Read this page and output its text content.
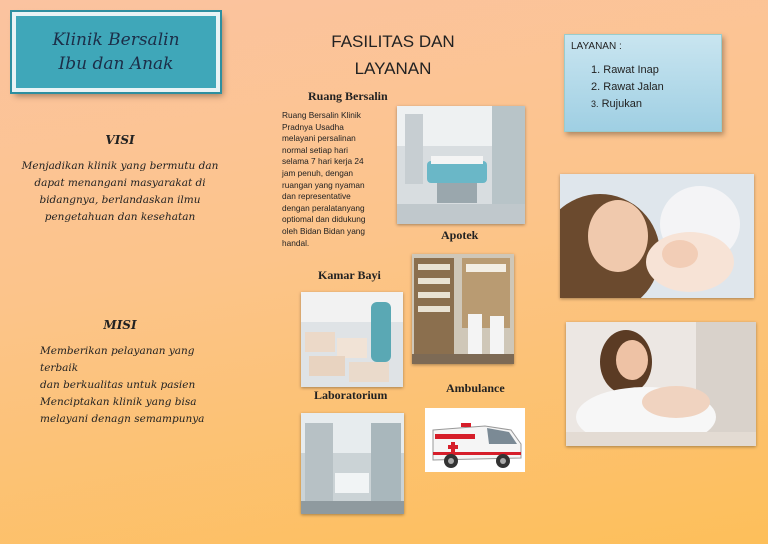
Klinik Bersalin
Ibu dan Anak
VISI
Menjadikan klinik yang bermutu dan
dapat menangani masyarakat di
bidangnya, berlandaskan ilmu
pengetahuan dan kesehatan
MISI
Memberikan pelayanan yang terbaik
dan berkualitas untuk pasien
Menciptakan klinik yang bisa
melayani denagn semampunya
FASILITAS DAN
LAYANAN
Ruang Bersalin
Ruang Bersalin Klinik
Pradnya Usadha
melayani persalinan
normal setiap hari
selama 7 hari kerja 24
jam penuh, dengan
ruangan yang nyaman
dan representative
dengan peralatanyang
optiomal dan didukung
oleh Bidan Bidan yang
handal.
Apotek
Kamar Bayi
Laboratorium	Ambulance
LAYANAN :
1. Rawat Inap
2. Rawat Jalan
3. Rujukan
